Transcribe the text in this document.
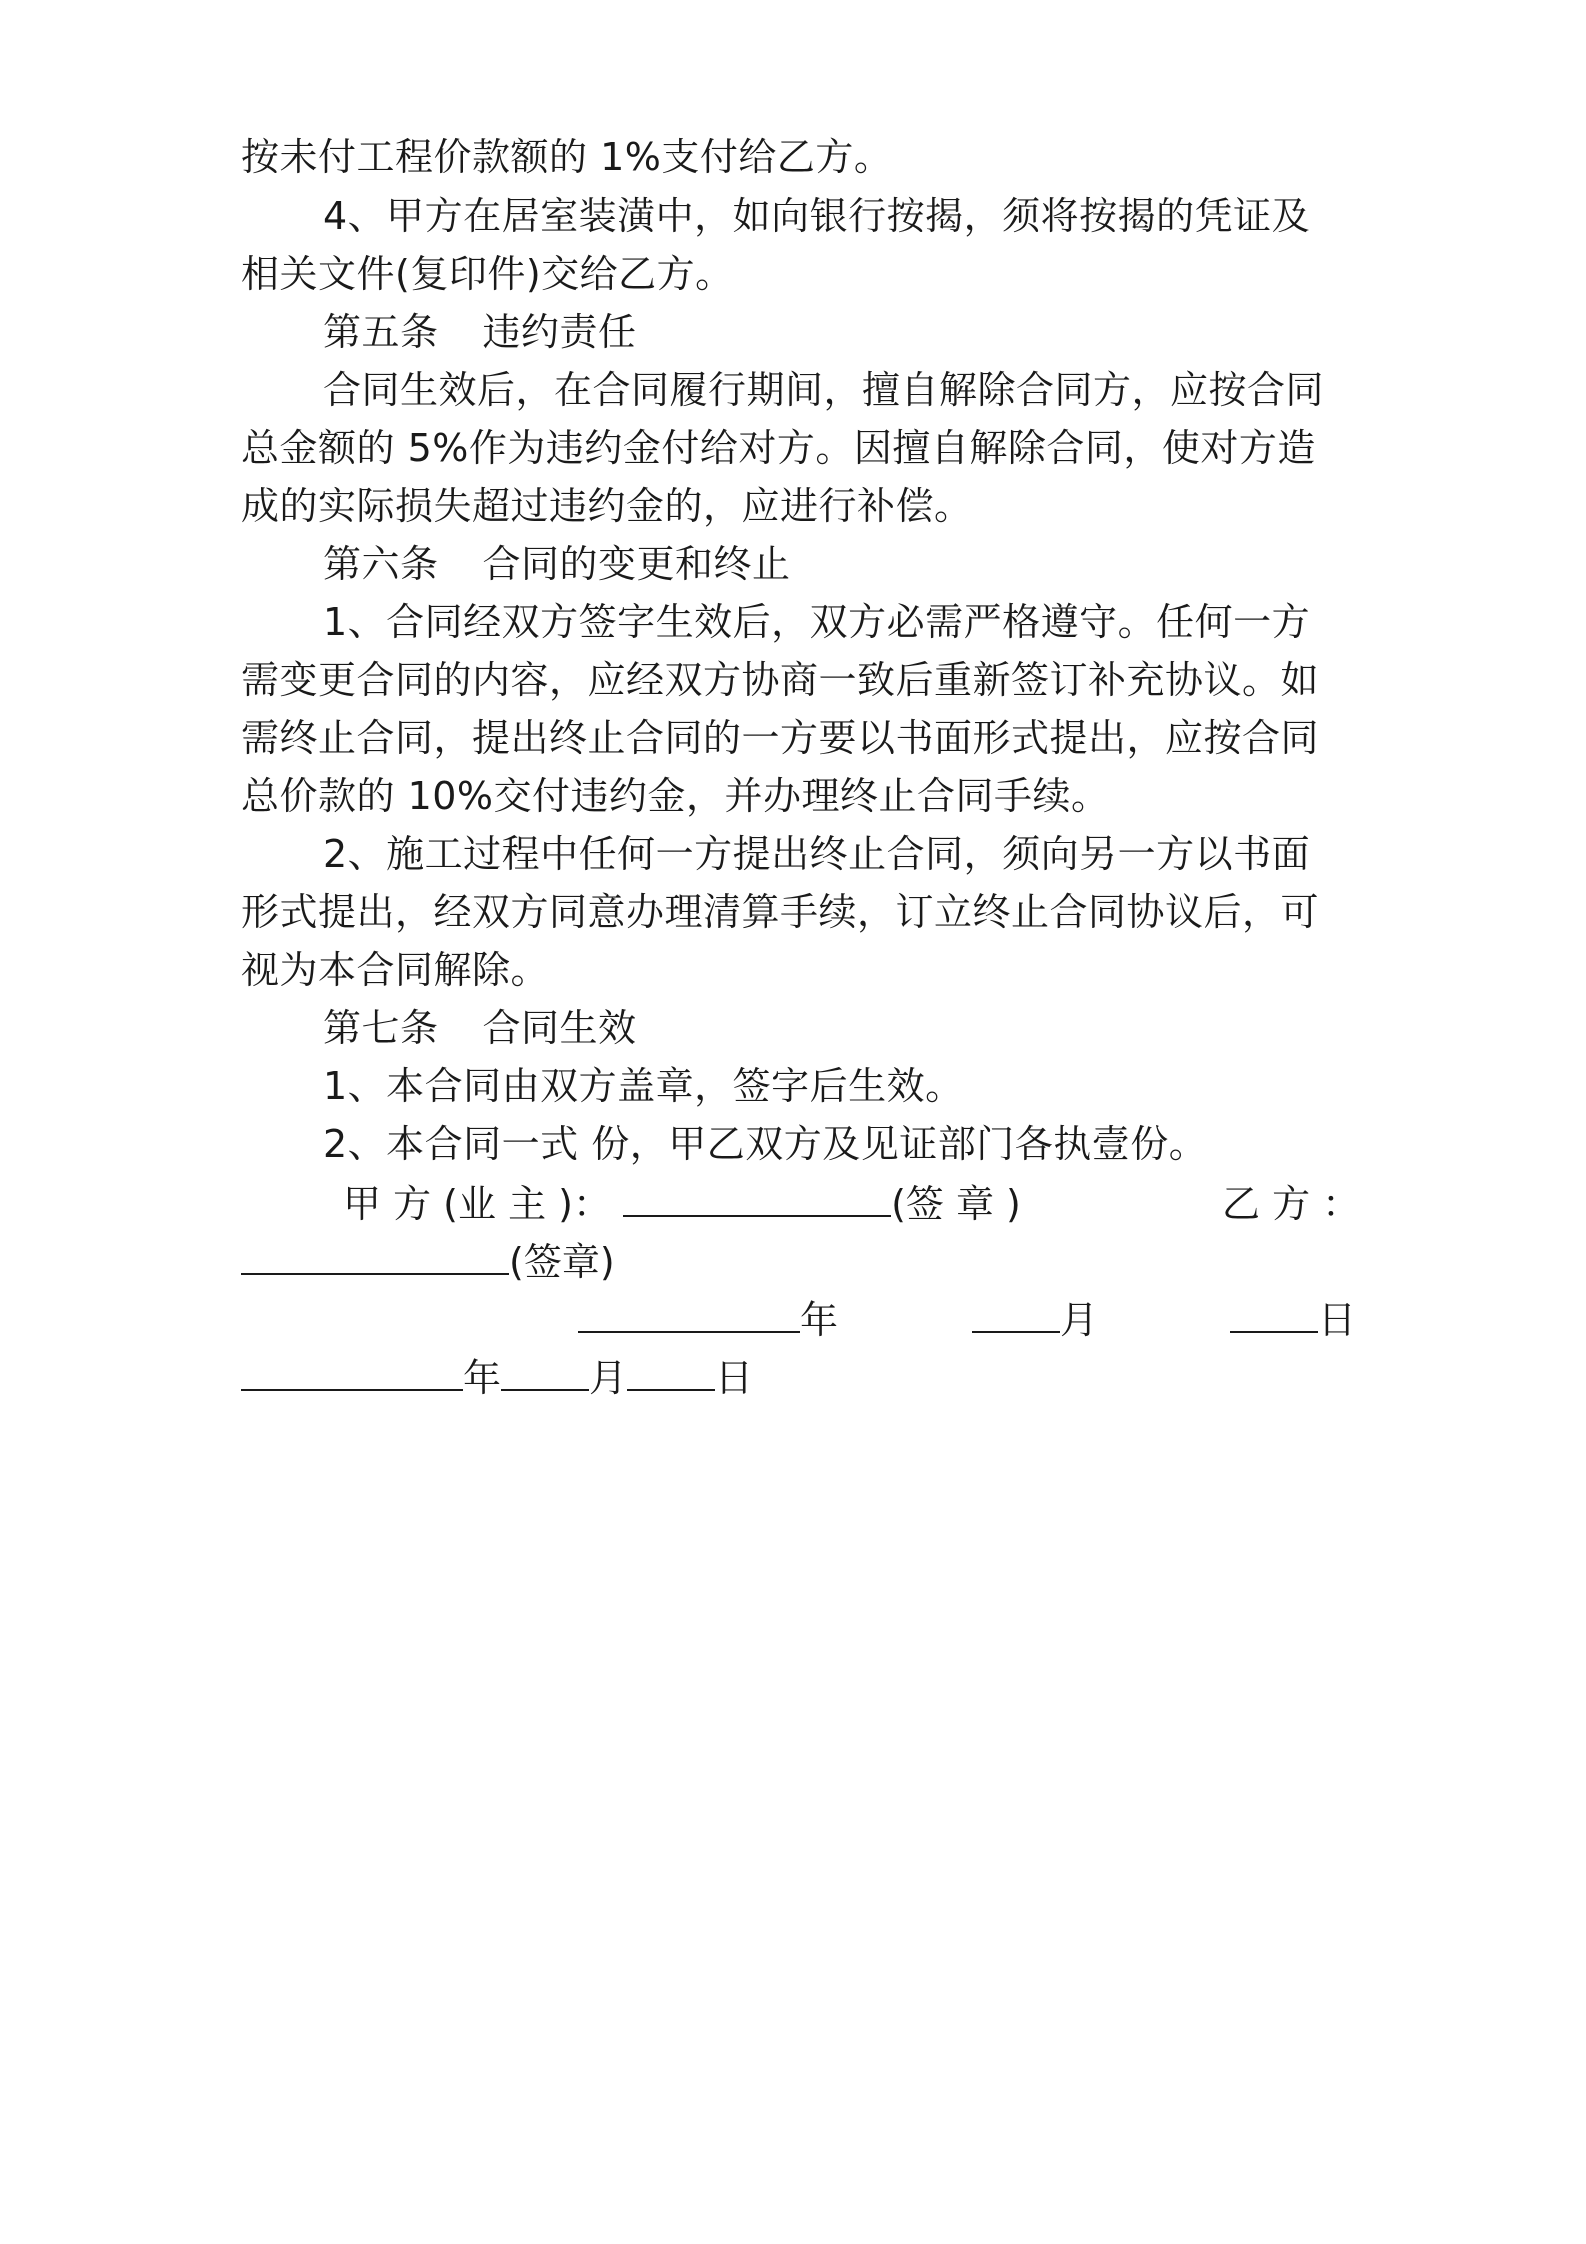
按未付工程价款额的 1%支付给乙方。
4、甲方在居室装潢中，如向银行按揭，须将按揭的凭证及
相关文件(复印件)交给乙方。
第五条 违约责任
合同生效后，在合同履行期间，擅自解除合同方，应按合同
总金额的 5%作为违约金付给对方。因擅自解除合同，使对方造
成的实际损失超过违约金的，应进行补偿。
第六条 合同的变更和终止
1、合同经双方签字生效后，双方必需严格遵守。任何一方
需变更合同的内容，应经双方协商一致后重新签订补充协议。如
需终止合同，提出终止合同的一方要以书面形式提出，应按合同
总价款的 10%交付违约金，并办理终止合同手续。
2、施工过程中任何一方提出终止合同，须向另一方以书面
形式提出，经双方同意办理清算手续，订立终止合同协议后，可
视为本合同解除。
第七条 合同生效
1、本合同由双方盖章，签字后生效。
2、本合同一式 份，甲乙双方及见证部门各执壹份。
甲 方 (业 主 )：	(签 章 )	乙 方 ：
(签章)
年	月	日
年 月 日
